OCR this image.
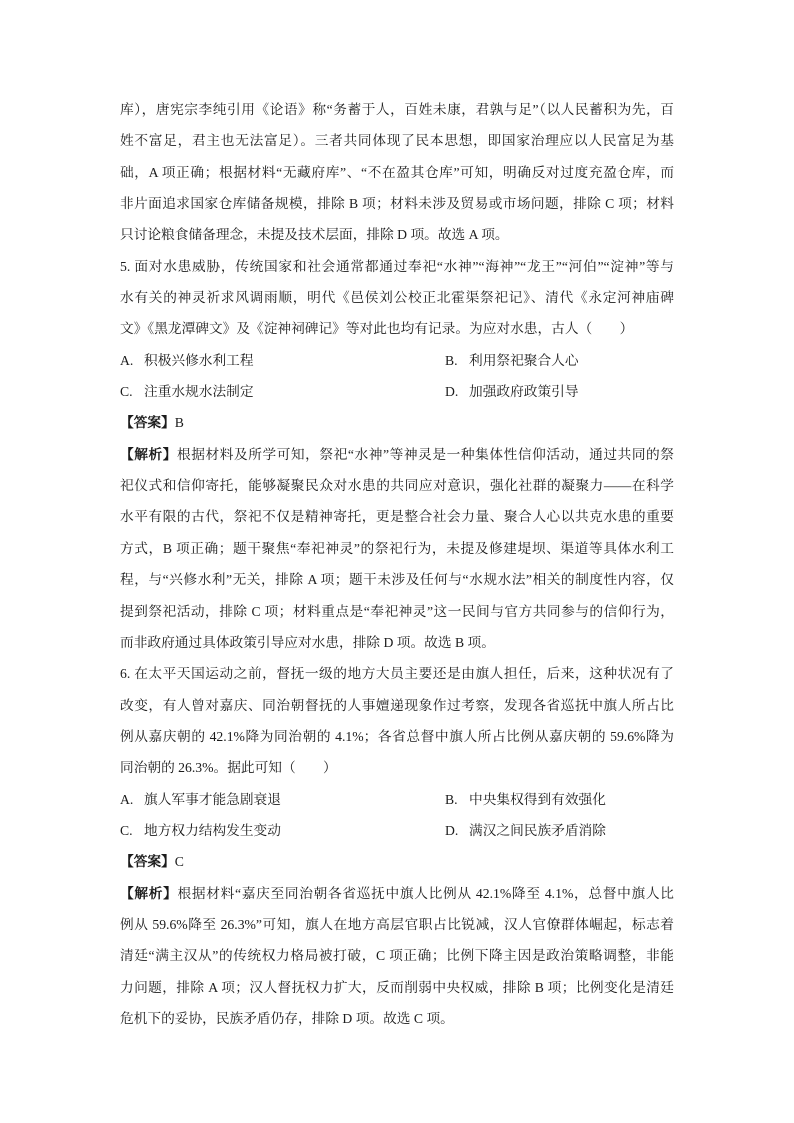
库），唐宪宗李纯引用《论语》称“务蓄于人，百姓未康，君孰与足”（以人民蓄积为先，百
姓不富足，君主也无法富足）。三者共同体现了民本思想，即国家治理应以人民富足为基
础，A 项正确；根据材料“无藏府库”、“不在盈其仓库”可知，明确反对过度充盈仓库，而
非片面追求国家仓库储备规模，排除 B 项；材料未涉及贸易或市场问题，排除 C 项；材料
只讨论粮食储备理念，未提及技术层面，排除 D 项。故选 A 项。
5. 面对水患威胁，传统国家和社会通常都通过奉祀“水神”“海神”“龙王”“河伯”“淀神”等与
水有关的神灵祈求风调雨顺，明代《邑侯刘公校正北霍渠祭祀记》、清代《永定河神庙碑
文》《黑龙潭碑文》及《淀神祠碑记》等对此也均有记录。为应对水患，古人（　　）
A. 积极兴修水利工程	B. 利用祭祀聚合人心
C. 注重水规水法制定	D. 加强政府政策引导
【答案】B
【解析】根据材料及所学可知，祭祀“水神”等神灵是一种集体性信仰活动，通过共同的祭
祀仪式和信仰寄托，能够凝聚民众对水患的共同应对意识，强化社群的凝聚力——在科学
水平有限的古代，祭祀不仅是精神寄托，更是整合社会力量、聚合人心以共克水患的重要
方式，B 项正确；题干聚焦“奉祀神灵”的祭祀行为，未提及修建堤坝、渠道等具体水利工
程，与“兴修水利”无关，排除 A 项；题干未涉及任何与“水规水法”相关的制度性内容，仅
提到祭祀活动，排除 C 项；材料重点是“奉祀神灵”这一民间与官方共同参与的信仰行为，
而非政府通过具体政策引导应对水患，排除 D 项。故选 B 项。
6. 在太平天国运动之前，督抚一级的地方大员主要还是由旗人担任，后来，这种状况有了
改变，有人曾对嘉庆、同治朝督抚的人事嬗递现象作过考察，发现各省巡抚中旗人所占比
例从嘉庆朝的 42.1%降为同治朝的 4.1%；各省总督中旗人所占比例从嘉庆朝的 59.6%降为
同治朝的 26.3%。据此可知（　　）
A. 旗人军事才能急剧衰退	B. 中央集权得到有效强化
C. 地方权力结构发生变动	D. 满汉之间民族矛盾消除
【答案】C
【解析】根据材料“嘉庆至同治朝各省巡抚中旗人比例从 42.1%降至 4.1%，总督中旗人比
例从 59.6%降至 26.3%”可知，旗人在地方高层官职占比锐减，汉人官僚群体崛起，标志着
清廷“满主汉从”的传统权力格局被打破，C 项正确；比例下降主因是政治策略调整，非能
力问题，排除 A 项；汉人督抚权力扩大，反而削弱中央权威，排除 B 项；比例变化是清廷
危机下的妥协，民族矛盾仍存，排除 D 项。故选 C 项。
